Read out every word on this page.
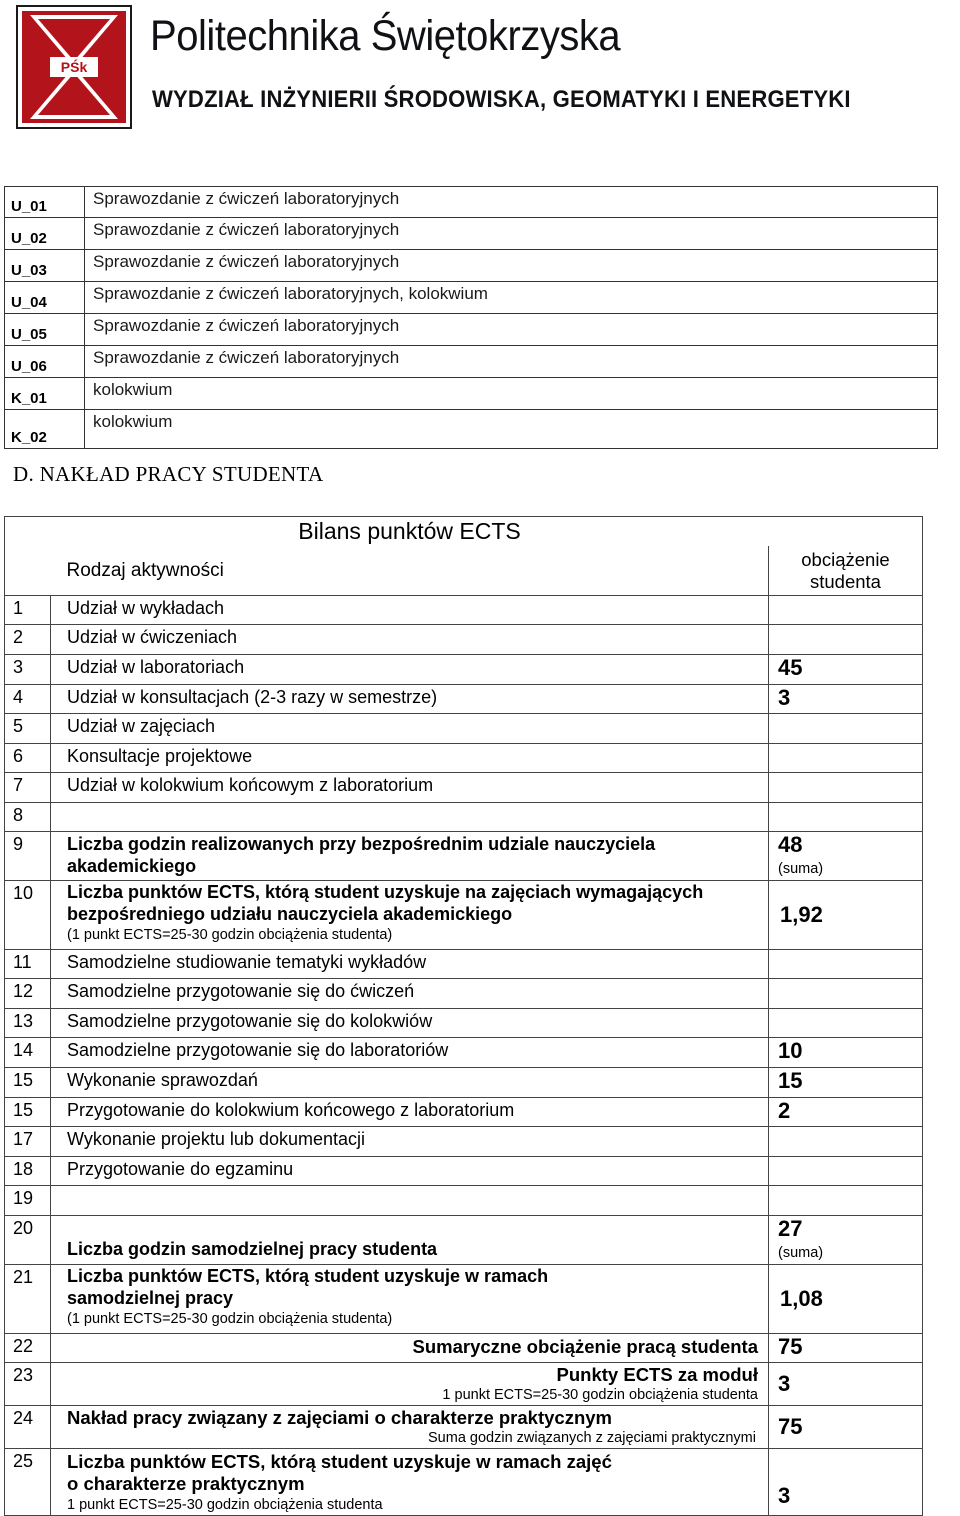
PŚk
Politechnika Świętokrzyska
WYDZIAŁ INŻYNIERII ŚRODOWISKA, GEOMATYKI I ENERGETYKI
U_01	Sprawozdanie z ćwiczeń laboratoryjnych
U_02	Sprawozdanie z ćwiczeń laboratoryjnych
U_03	Sprawozdanie z ćwiczeń laboratoryjnych
U_04	Sprawozdanie z ćwiczeń laboratoryjnych, kolokwium
U_05	Sprawozdanie z ćwiczeń laboratoryjnych
U_06	Sprawozdanie z ćwiczeń laboratoryjnych
K_01	kolokwium
K_02	kolokwium
D. NAKŁAD PRACY STUDENTA
	Bilans punktów ECTS	
	Rodzaj aktywności	obciążenie studenta
1	Udział w wykładach	
2	Udział w ćwiczeniach	
3	Udział w laboratoriach	45
4	Udział w konsultacjach (2-3 razy w semestrze)	3
5	Udział w zajęciach	
6	Konsultacje projektowe	
7	Udział w kolokwium końcowym z laboratorium	
8		
9	Liczba godzin realizowanych przy bezpośrednim udziale nauczyciela akademickiego	48
(suma)
10	Liczba punktów ECTS, którą student uzyskuje na zajęciach wymagających bezpośredniego udziału nauczyciela akademickiego
(1 punkt ECTS=25-30 godzin obciążenia studenta)	1,92
11	Samodzielne studiowanie tematyki wykładów	
12	Samodzielne przygotowanie się do ćwiczeń	
13	Samodzielne przygotowanie się do kolokwiów	
14	Samodzielne przygotowanie się do laboratoriów	10
15	Wykonanie sprawozdań	15
15	Przygotowanie do kolokwium końcowego z laboratorium	2
17	Wykonanie projektu lub dokumentacji	
18	Przygotowanie do egzaminu	
19		
20	Liczba godzin samodzielnej pracy studenta	27
(suma)
21	Liczba punktów ECTS, którą student uzyskuje w ramach samodzielnej pracy
(1 punkt ECTS=25-30 godzin obciążenia studenta)	1,08
22	Sumaryczne obciążenie pracą studenta	75
23	Punkty ECTS za moduł
1 punkt ECTS=25-30 godzin obciążenia studenta	3
24	Nakład pracy związany z zajęciami o charakterze praktycznym
Suma godzin związanych z zajęciami praktycznymi	75
25	Liczba punktów ECTS, którą student uzyskuje w ramach zajęć o charakterze praktycznym
1 punkt ECTS=25-30 godzin obciążenia studenta	3
